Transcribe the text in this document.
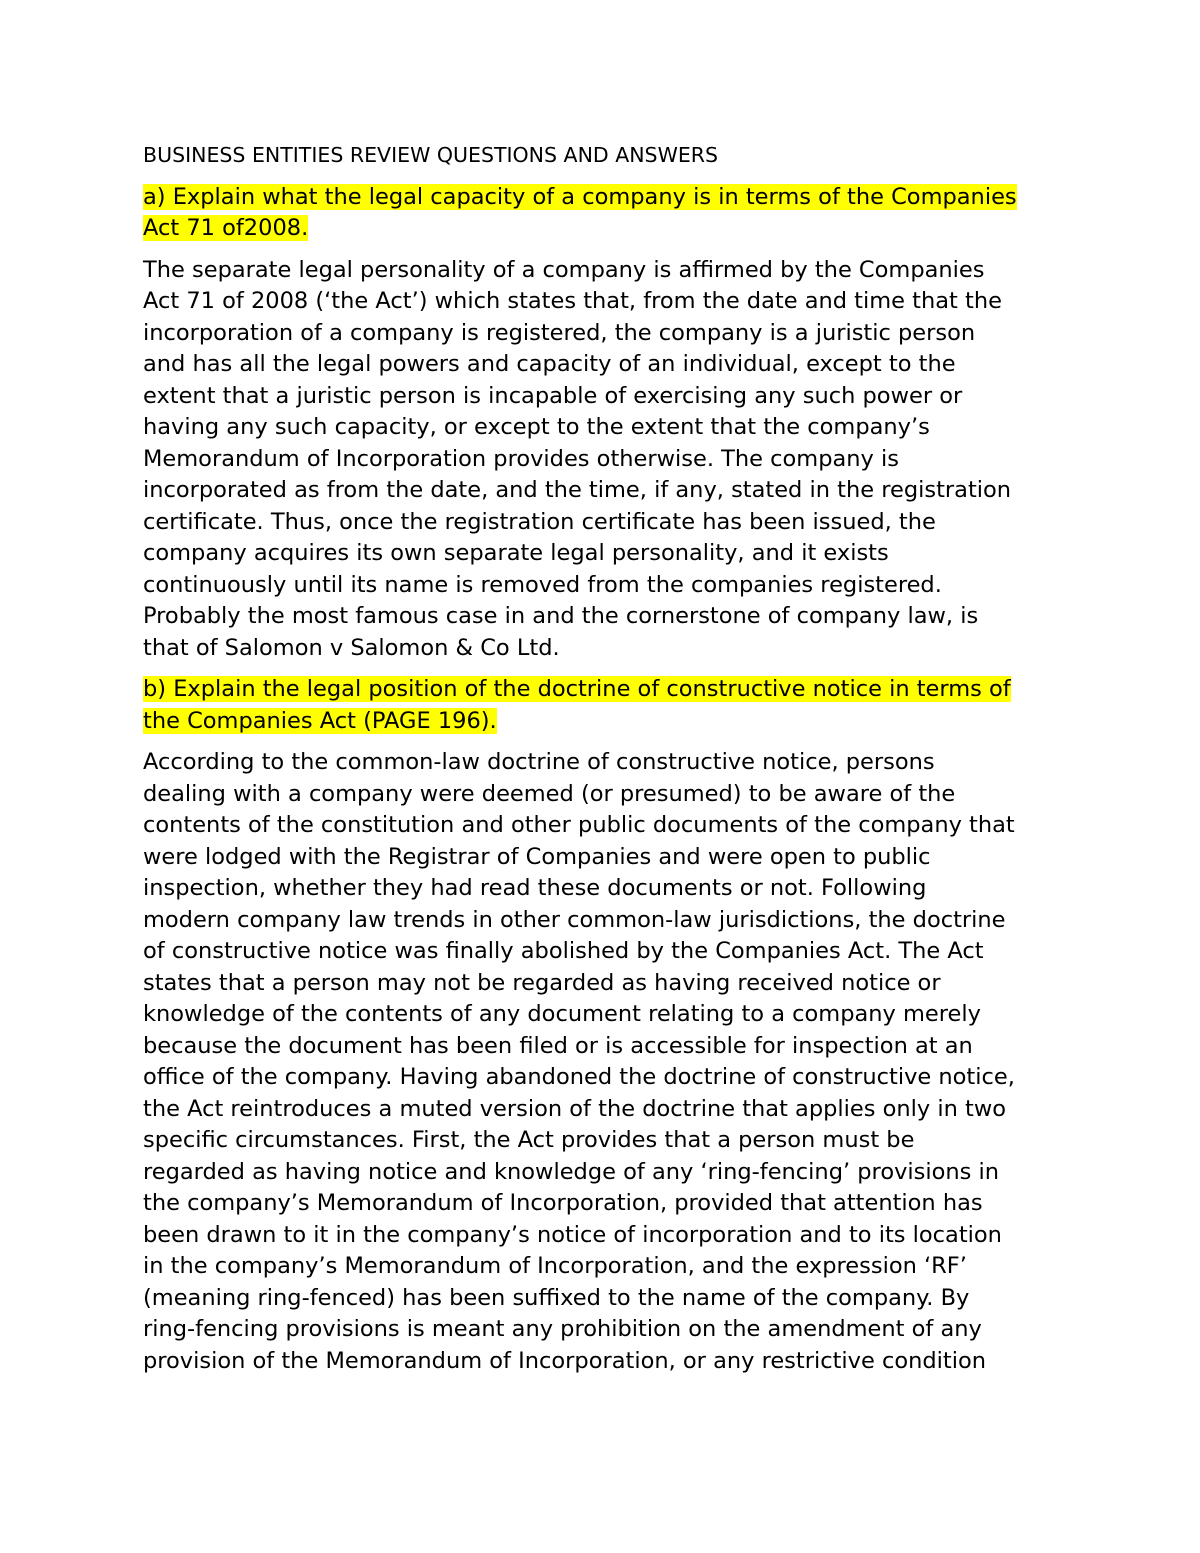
BUSINESS ENTITIES REVIEW QUESTIONS AND ANSWERS

a) Explain what the legal capacity of a company is in terms of the Companies
Act 71 of2008.

The separate legal personality of a company is affirmed by the Companies
Act 71 of 2008 (‘the Act’) which states that, from the date and time that the
incorporation of a company is registered, the company is a juristic person
and has all the legal powers and capacity of an individual, except to the
extent that a juristic person is incapable of exercising any such power or
having any such capacity, or except to the extent that the company’s
Memorandum of Incorporation provides otherwise. The company is
incorporated as from the date, and the time, if any, stated in the registration
certificate. Thus, once the registration certificate has been issued, the
company acquires its own separate legal personality, and it exists
continuously until its name is removed from the companies registered.
Probably the most famous case in and the cornerstone of company law, is
that of Salomon v Salomon & Co Ltd.

b) Explain the legal position of the doctrine of constructive notice in terms of
the Companies Act (PAGE 196).

According to the common-law doctrine of constructive notice, persons
dealing with a company were deemed (or presumed) to be aware of the
contents of the constitution and other public documents of the company that
were lodged with the Registrar of Companies and were open to public
inspection, whether they had read these documents or not. Following
modern company law trends in other common-law jurisdictions, the doctrine
of constructive notice was finally abolished by the Companies Act. The Act
states that a person may not be regarded as having received notice or
knowledge of the contents of any document relating to a company merely
because the document has been filed or is accessible for inspection at an
office of the company. Having abandoned the doctrine of constructive notice,
the Act reintroduces a muted version of the doctrine that applies only in two
specific circumstances. First, the Act provides that a person must be
regarded as having notice and knowledge of any ‘ring-fencing’ provisions in
the company’s Memorandum of Incorporation, provided that attention has
been drawn to it in the company’s notice of incorporation and to its location
in the company’s Memorandum of Incorporation, and the expression ‘RF’
(meaning ring-fenced) has been suffixed to the name of the company. By
ring-fencing provisions is meant any prohibition on the amendment of any
provision of the Memorandum of Incorporation, or any restrictive condition
